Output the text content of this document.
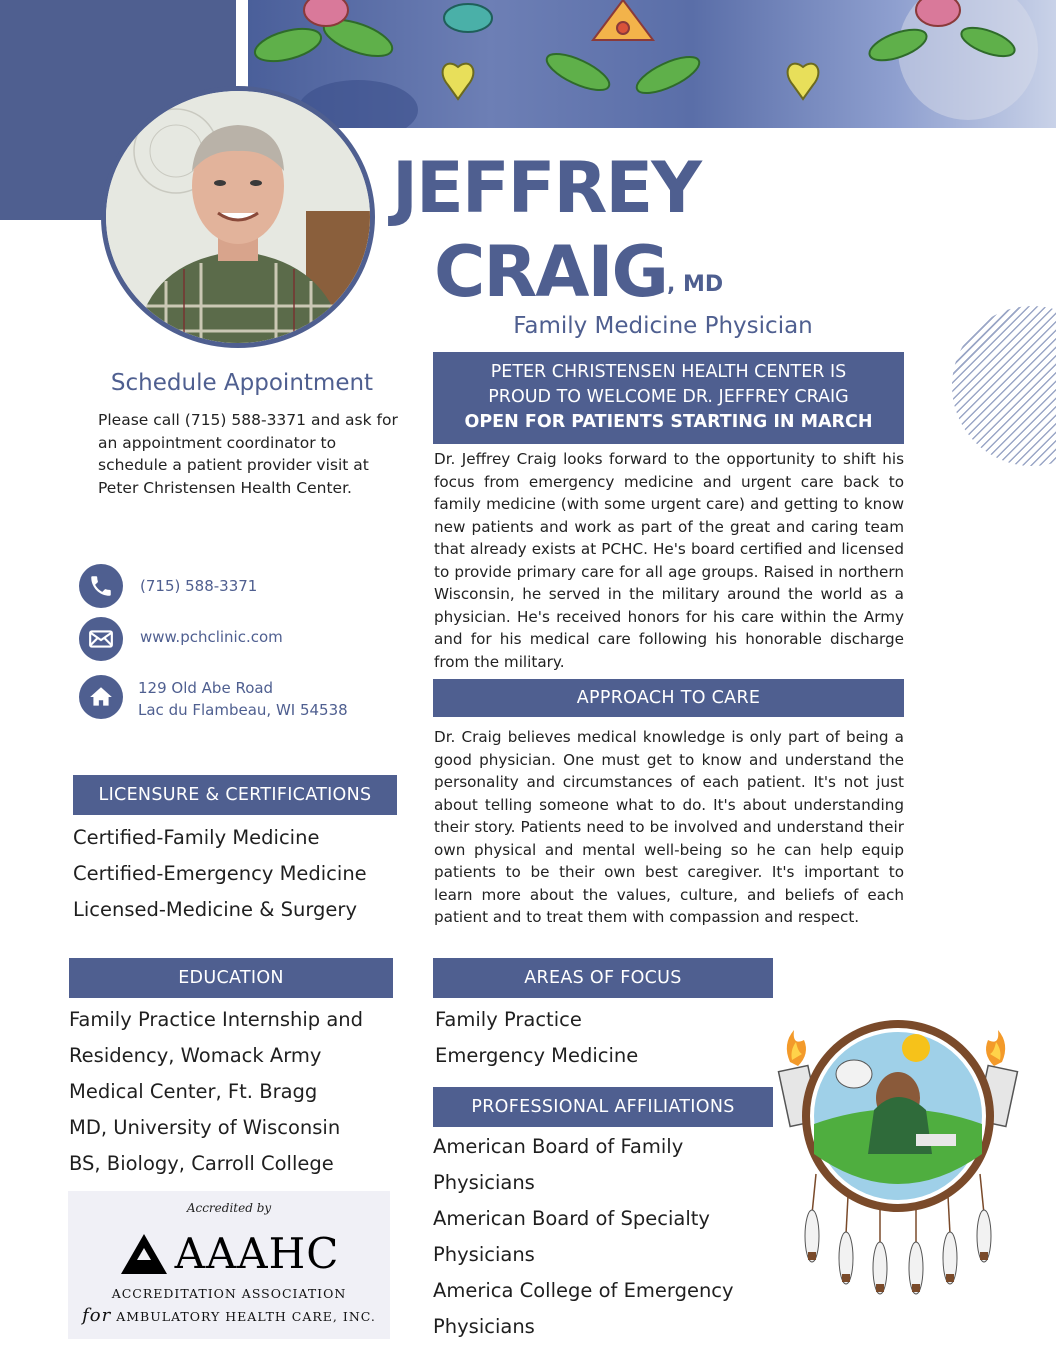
JEFFREY
CRAIG , MD
Family Medicine Physician
Schedule Appointment
Please call (715) 588-3371 and ask for an appointment coordinator to schedule a patient provider visit at Peter Christensen Health Center.
(715) 588-3371
www.pchclinic.com
129 Old Abe Road
Lac du Flambeau, WI 54538
LICENSURE & CERTIFICATIONS
Certified-Family Medicine
Certified-Emergency Medicine
Licensed-Medicine & Surgery
EDUCATION
Family Practice Internship and
Residency, Womack Army
Medical Center, Ft. Bragg
MD, University of Wisconsin
BS, Biology, Carroll College
Accredited by
AAAHC
ACCREDITATION ASSOCIATION
for AMBULATORY HEALTH CARE, INC.
PETER CHRISTENSEN HEALTH CENTER IS
PROUD TO WELCOME DR. JEFFREY CRAIG
OPEN FOR PATIENTS STARTING IN MARCH
Dr. Jeffrey Craig looks forward to the opportunity to shift his focus from emergency medicine and urgent care back to family medicine (with some urgent care) and getting to know new patients and work as part of the great and caring team that already exists at PCHC. He's board certified and licensed to provide primary care for all age groups. Raised in northern Wisconsin, he served in the military around the world as a physician. He's received honors for his care within the Army and for his medical care following his honorable discharge from the military.
APPROACH TO CARE
Dr. Craig believes medical knowledge is only part of being a good physician. One must get to know and understand the personality and circumstances of each patient. It's not just about telling someone what to do. It's about understanding their story. Patients need to be involved and understand their own physical and mental well-being so he can help equip patients to be their own best caregiver. It's important to learn more about the values, culture, and beliefs of each patient and to treat them with compassion and respect.
AREAS OF FOCUS
Family Practice
Emergency Medicine
PROFESSIONAL AFFILIATIONS
American Board of Family
Physicians
American Board of Specialty
Physicians
America College of Emergency
Physicians
